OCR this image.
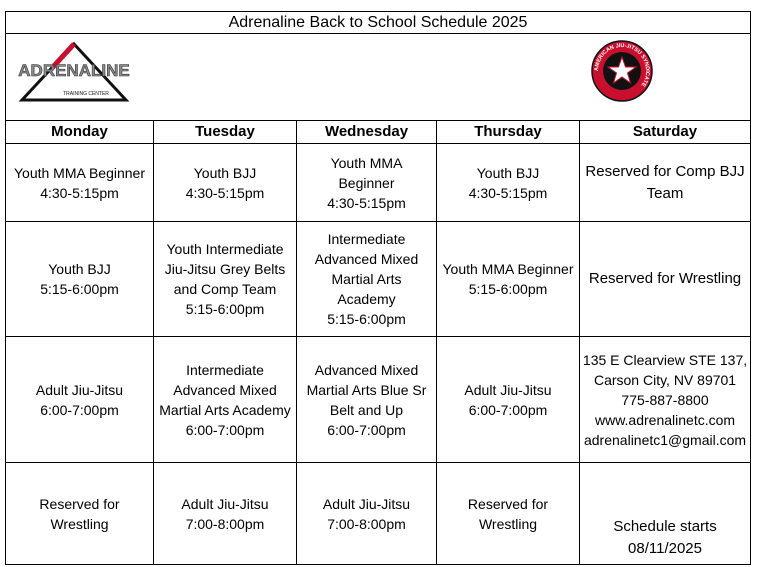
Adrenaline Back to School Schedule 2025				

ADRENALINE
TRAINING CENTER
AMERICAN JIU-JITSU SYNDICATE				

Monday	Tuesday	Wednesday	Thursday	Saturday

Youth MMA Beginner
4:30-5:15pm	Youth BJJ
4:30-5:15pm	Youth MMA
Beginner
4:30-5:15pm	Youth BJJ
4:30-5:15pm	Reserved for Comp BJJ
Team

Youth BJJ
5:15-6:00pm	Youth Intermediate
Jiu-Jitsu Grey Belts
and Comp Team
5:15-6:00pm	Intermediate
Advanced Mixed
Martial Arts
Academy
5:15-6:00pm	Youth MMA Beginner
5:15-6:00pm	Reserved for Wrestling

Adult Jiu-Jitsu
6:00-7:00pm	Intermediate
Advanced Mixed
Martial Arts Academy
6:00-7:00pm	Advanced Mixed
Martial Arts Blue Sr
Belt and Up
6:00-7:00pm	Adult Jiu-Jitsu
6:00-7:00pm	135 E Clearview STE 137,
Carson City, NV 89701
775-887-8800
www.adrenalinetc.com
adrenalinetc1@gmail.com

Reserved for
Wrestling	Adult Jiu-Jitsu
7:00-8:00pm	Adult Jiu-Jitsu
7:00-8:00pm	Reserved for
Wrestling	Schedule starts
08/11/2025
